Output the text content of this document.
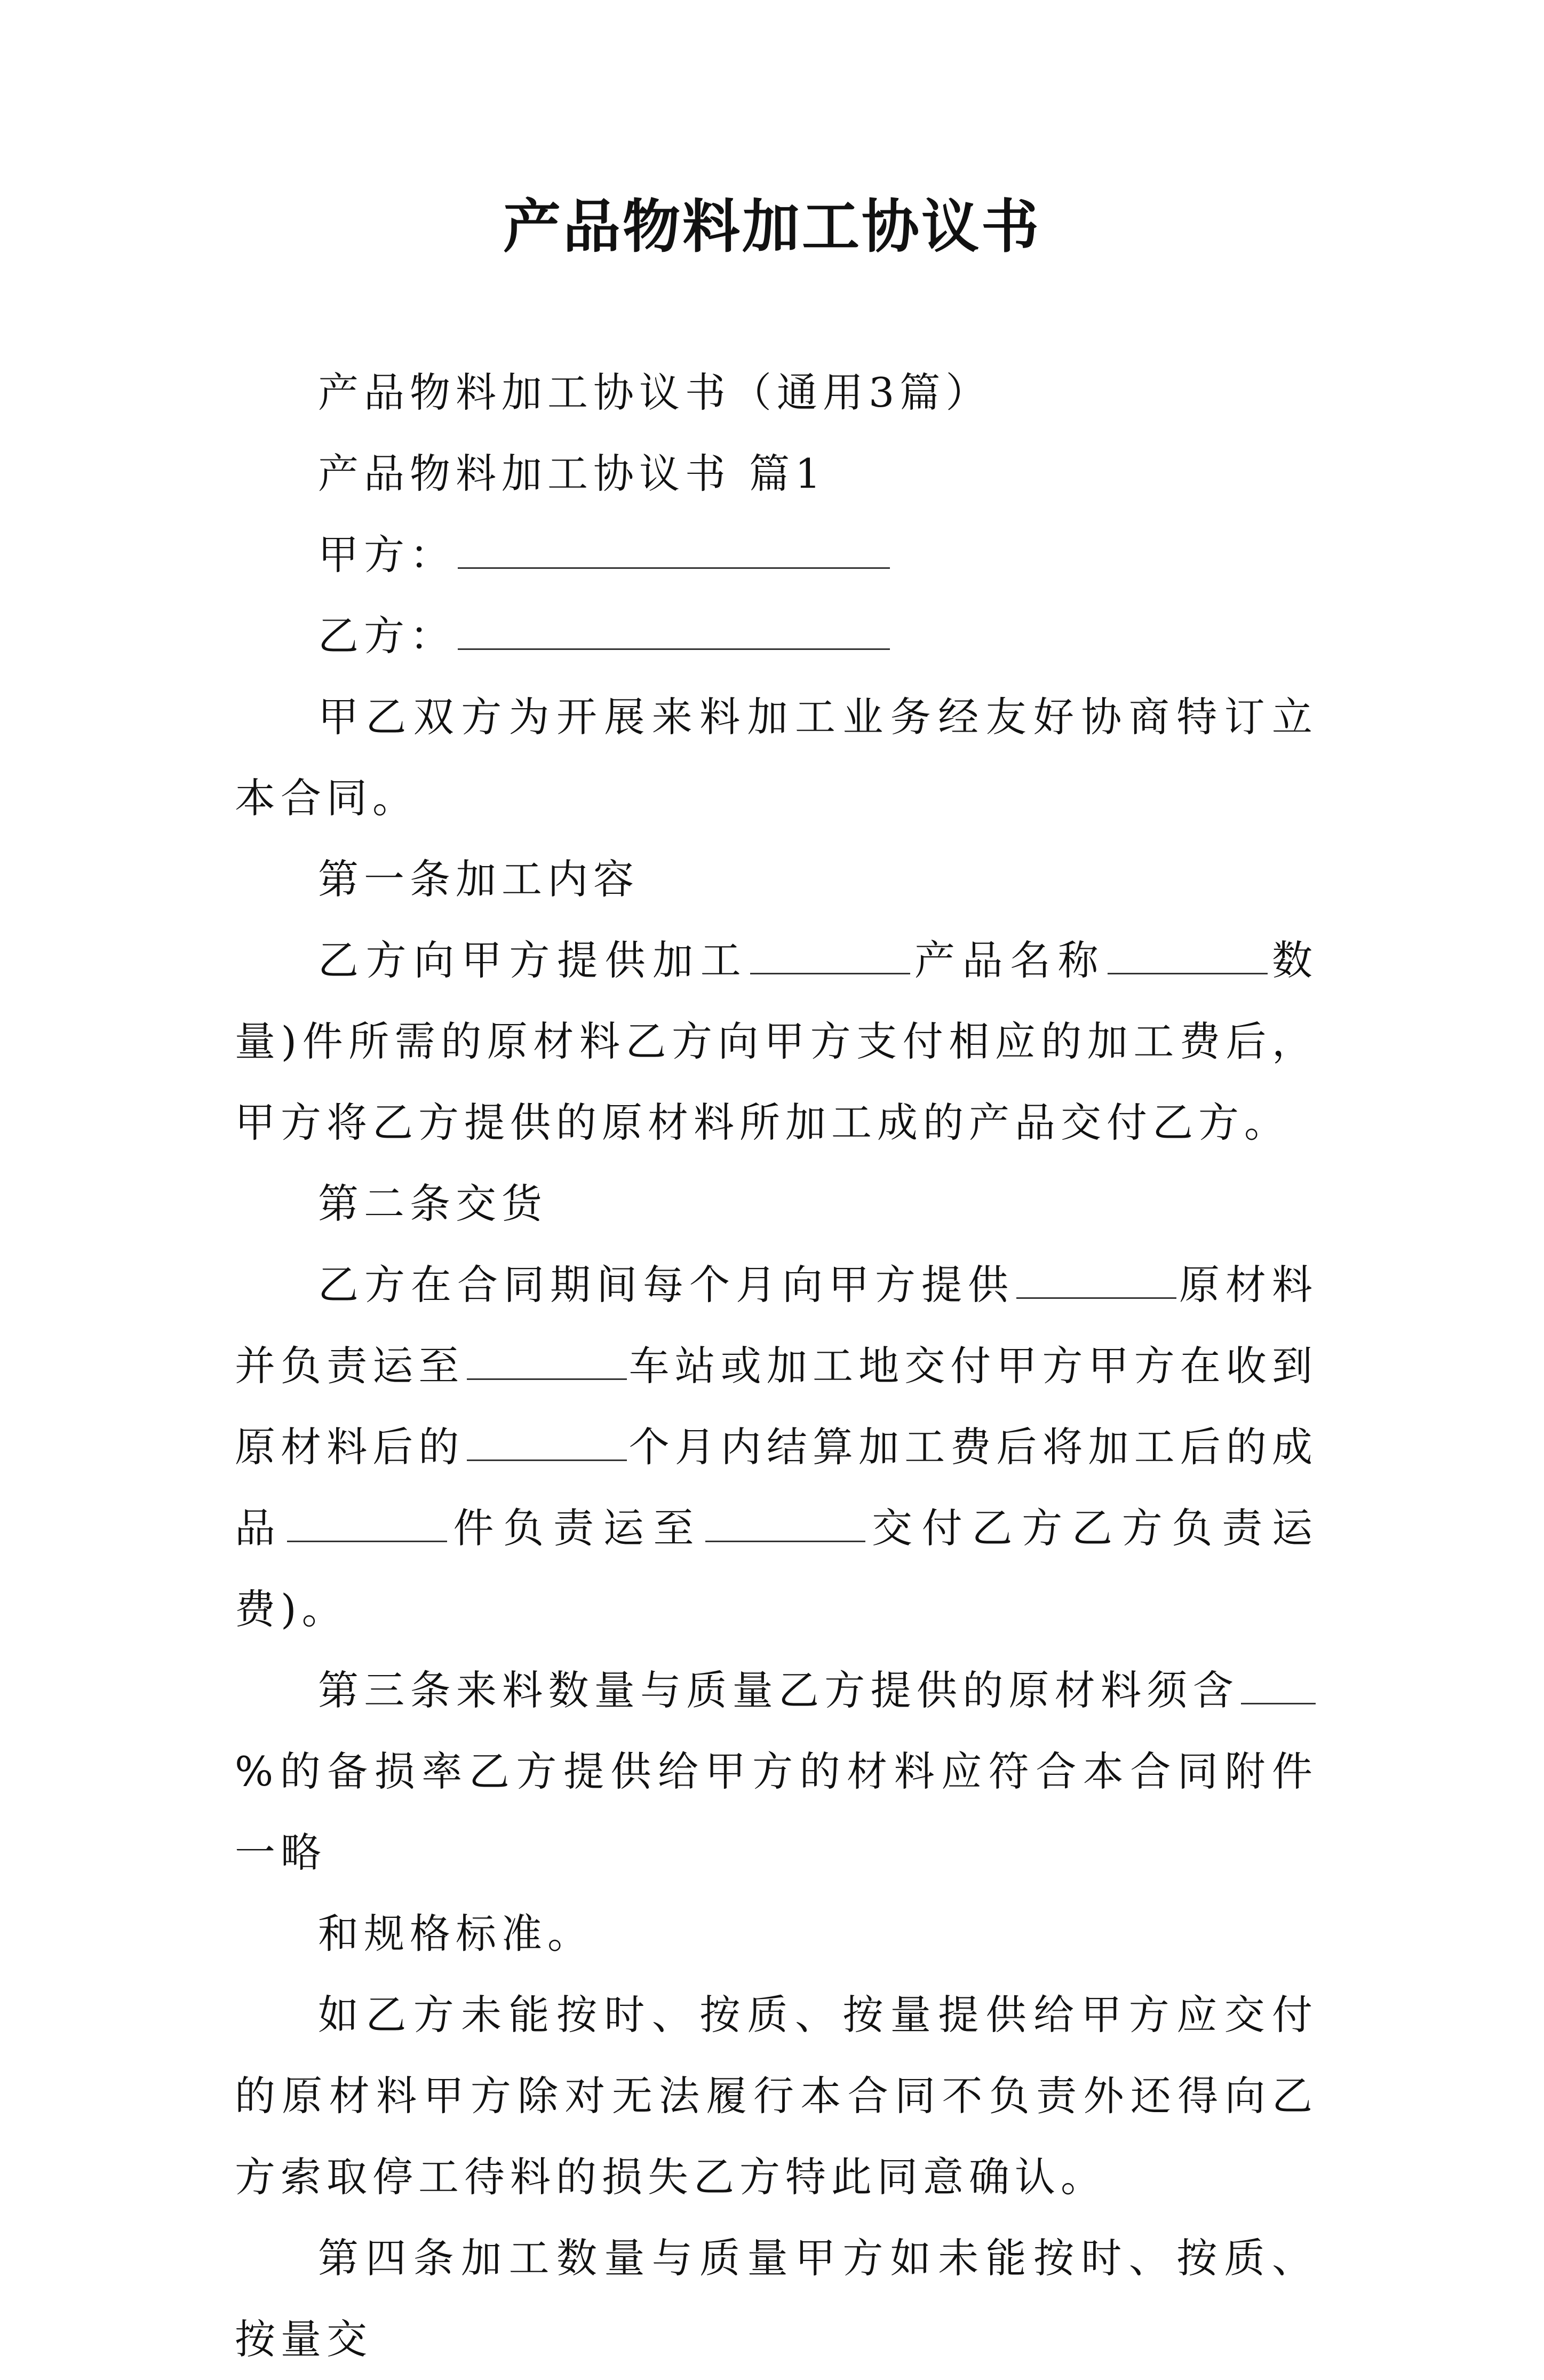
产品物料加工协议书

产品物料加工协议书（通用3篇）

产品物料加工协议书 篇1

甲方：

乙方：

甲乙双方为开展来料加工业务经友好协商特订立本合同。

第一条加工内容

乙方向甲方提供加工	产品名称	数量)件所需的原材料乙方向甲方支付相应的加工费后，甲方将乙方提供的原材料所加工成的产品交付乙方。

第二条交货

乙方在合同期间每个月向甲方提供	原材料并负责运至	车站或加工地交付甲方甲方在收到原材料后的	个月内结算加工费后将加工后的成品	件负责运至	交付乙方乙方负责运费)。

第三条来料数量与质量乙方提供的原材料须含%的备损率乙方提供给甲方的材料应符合本合同附件一略

和规格标准。

如乙方未能按时、按质、按量提供给甲方应交付的原材料甲方除对无法履行本合同不负责外还得向乙方索取停工待料的损失乙方特此同意确认。

第四条加工数量与质量甲方如未能按时、按质、按量交
